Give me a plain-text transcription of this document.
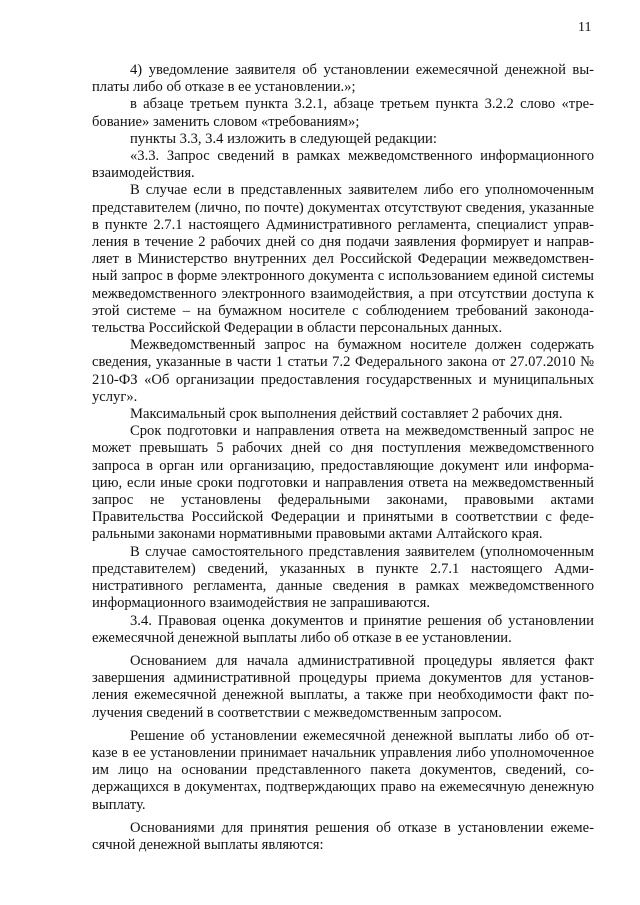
11

4) уведомление заявителя об установлении ежемесячной денежной выплаты либо об отказе в ее установлении.»;

в абзаце третьем пункта 3.2.1, абзаце третьем пункта 3.2.2 слово «требование» заменить словом «требованиям»;

пункты 3.3, 3.4 изложить в следующей редакции:

«3.3. Запрос сведений в рамках межведомственного информационного взаимодействия.

В случае если в представленных заявителем либо его уполномоченным представителем (лично, по почте) документах отсутствуют сведения, указанные в пункте 2.7.1 настоящего Административного регламента, специалист управления в течение 2 рабочих дней со дня подачи заявления формирует и направляет в Министерство внутренних дел Российской Федерации межведомственный запрос в форме электронного документа с использованием единой системы межведомственного электронного взаимодействия, а при отсутствии доступа к этой системе – на бумажном носителе с соблюдением требований законодательства Российской Федерации в области персональных данных.

Межведомственный запрос на бумажном носителе должен содержать сведения, указанные в части 1 статьи 7.2 Федерального закона от 27.07.2010 № 210-ФЗ «Об организации предоставления государственных и муниципальных услуг».

Максимальный срок выполнения действий составляет 2 рабочих дня.

Срок подготовки и направления ответа на межведомственный запрос не может превышать 5 рабочих дней со дня поступления межведомственного запроса в орган или организацию, предоставляющие документ или информацию, если иные сроки подготовки и направления ответа на межведомственный запрос не установлены федеральными законами, правовыми актами Правительства Российской Федерации и принятыми в соответствии с федеральными законами нормативными правовыми актами Алтайского края.

В случае самостоятельного представления заявителем (уполномоченным представителем) сведений, указанных в пункте 2.7.1 настоящего Административного регламента, данные сведения в рамках межведомственного информационного взаимодействия не запрашиваются.

3.4. Правовая оценка документов и принятие решения об установлении ежемесячной денежной выплаты либо об отказе в ее установлении.

Основанием для начала административной процедуры является факт завершения административной процедуры приема документов для установления ежемесячной денежной выплаты, а также при необходимости факт получения сведений в соответствии с межведомственным запросом.

Решение об установлении ежемесячной денежной выплаты либо об отказе в ее установлении принимает начальник управления либо уполномоченное им лицо на основании представленного пакета документов, сведений, содержащихся в документах, подтверждающих право на ежемесячную денежную выплату.

Основаниями для принятия решения об отказе в установлении ежемесячной денежной выплаты являются:
